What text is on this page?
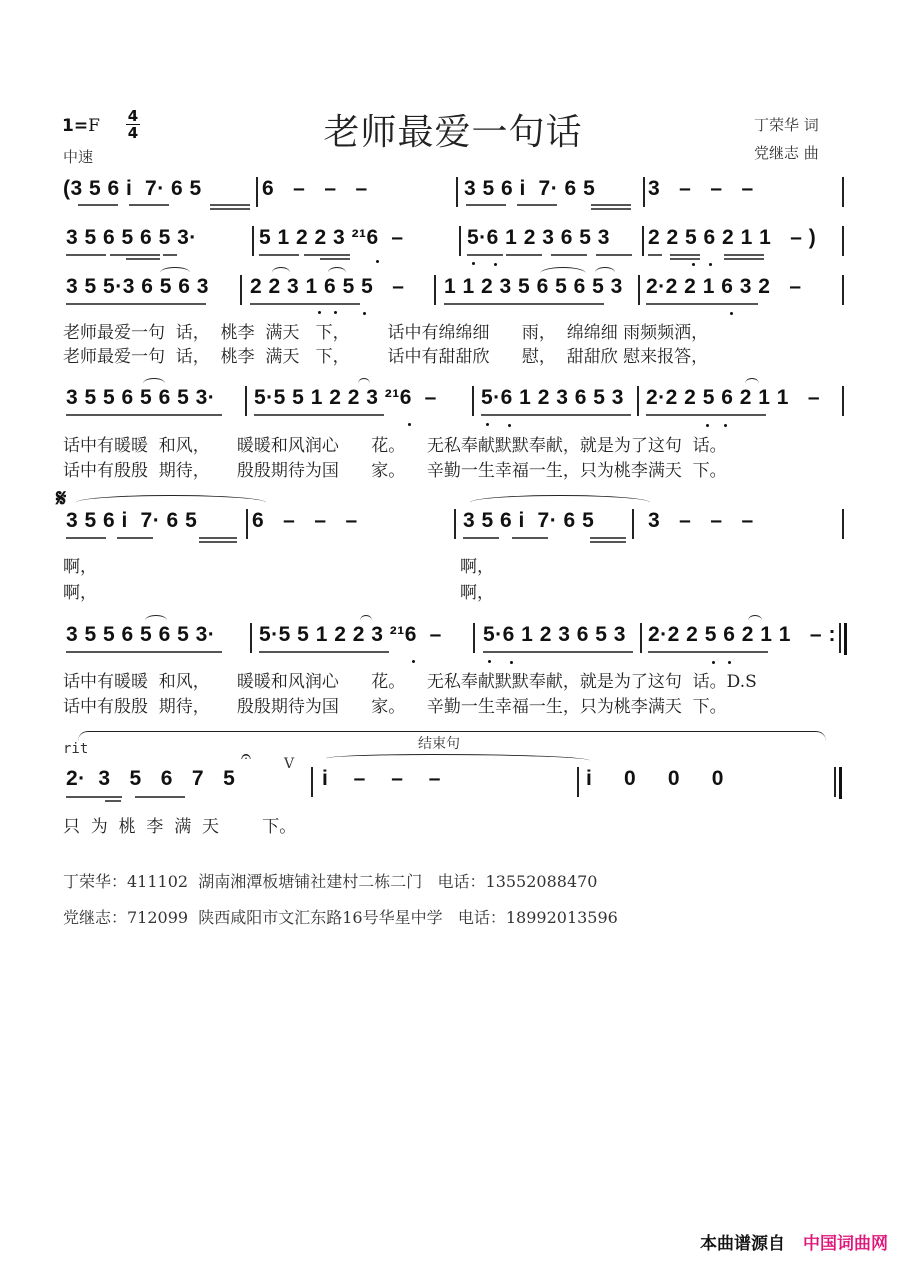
1=F 4
4	老师最爱一句话
中速
丁荣华 词
党继志 曲
(3 5 6 i  7· 6 5	6   –   –   –	3 5 6 i  7· 6 5	3   –   –   –
3 5 6 5 6 5 3·	5 1 2 2 3 ²¹6  –	5·6 1 2 3 6 5 3 2 2 5 6 2 1 1   – )
3 5 5·3 6 5 6 3 2 2 3 1 6 5 5   – 1 1 2 3 5 6 5 6 5 3 2·2 2 1 6 3 2   –
老师最爱一句  话，  桃李  满天   下，       话中有绵绵细      雨，  绵绵细 雨频频洒，
老师最爱一句  话，  桃李  满天   下，       话中有甜甜欣      慰，  甜甜欣 慰来报答，
3 5 5 6 5 6 5 3· 5·5 5 1 2 2 3 ²¹6  – 5·6 1 2 3 6 5 3 2·2 2 5 6 2 1 1   –
话中有暖暖  和风，     暖暖和风润心      花。    无私奉献默默奉献，就是为了这句  话。
话中有殷殷  期待，     殷殷期待为国      家。    辛勤一生幸福一生，只为桃李满天  下。
𝄋
3 5 6 i  7· 6 5	6   –   –   –	3 5 6 i  7· 6 5	3   –   –   –
啊，	啊，
啊，	啊，
3 5 5 6 5 6 5 3· 5·5 5 1 2 2 3 ²¹6  – 5·6 1 2 3 6 5 3 2·2 2 5 6 2 1 1   – :
话中有暖暖  和风，     暖暖和风润心      花。    无私奉献默默奉献，就是为了这句  话。D.S
话中有殷殷  期待，     殷殷期待为国      家。    辛勤一生幸福一生，只为桃李满天  下。
rit	结束句
𝄐 V
2·  3   5   6   7   5	i    –    –    –	i     0     0     0
只  为  桃  李  满  天        下。
丁荣华：411102  湖南湘潭板塘铺社建村二栋二门   电话：13552088470
党继志：712099  陕西咸阳市文汇东路16号华星中学   电话：18992013596
本曲谱源自 中国词曲网
